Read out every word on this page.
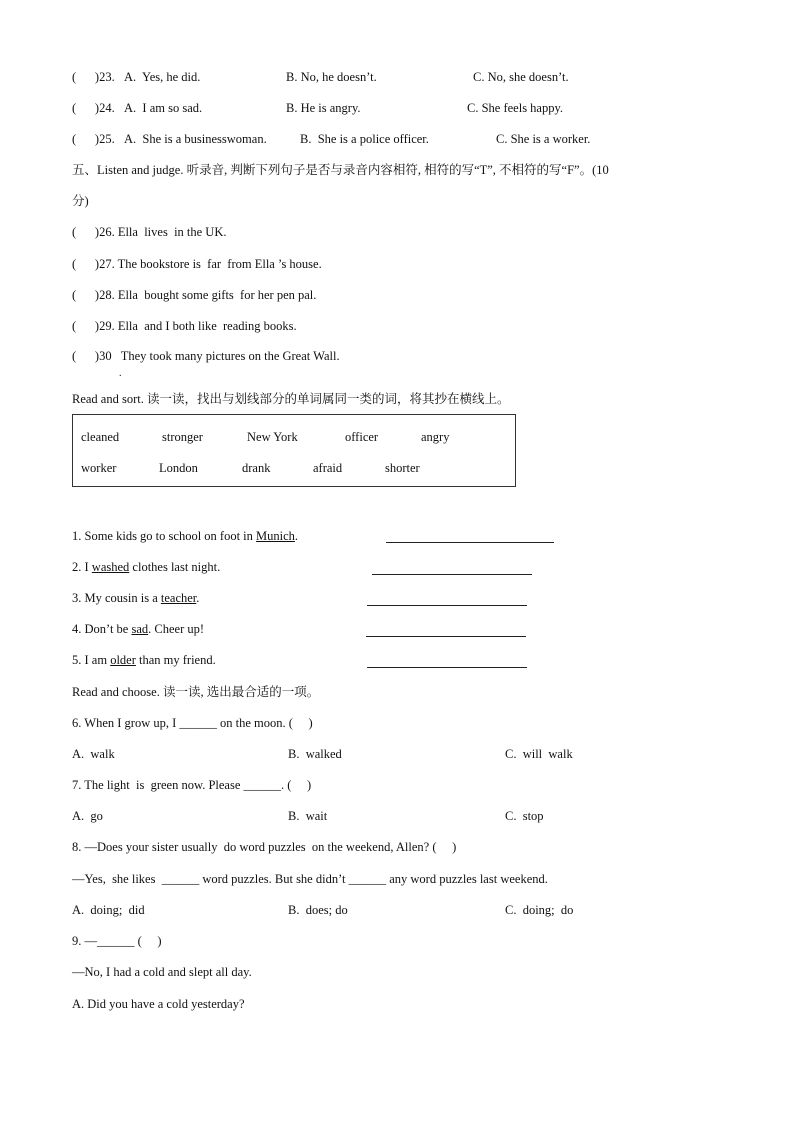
(      )23. A.  Yes, he did.	B. No, he doesn’t.	C. No, she doesn’t.
(      )24. A.  I am so sad.	B. He is angry.	C. She feels happy.
(      )25. A.  She is a businesswoman.	B.  She is a police officer.	C. She is a worker.
五、Listen and judge. 听录音, 判断下列句子是否与录音内容相符, 相符的写“T”, 不相符的写“F”。(10
分)
(      )26. Ella  lives  in the UK.
(      )27. The bookstore is  far  from Ella ’s house.
(      )28. Ella  bought some gifts  for her pen pal.
(      )29. Ella  and I both like  reading books.
(      )30   They took many pictures on the Great Wall.
.
Read and sort. 读一读，找出与划线部分的单词属同一类的词，将其抄在横线上。
cleaned	stronger	New York	officer	angry
worker	London	drank	afraid	shorter
1. Some kids go to school on foot in Munich.
2. I washed clothes last night.
3. My cousin is a teacher.
4. Don’t be sad. Cheer up!
5. I am older than my friend.
Read and choose. 读一读, 选出最合适的一项。
6. When I grow up, I ______ on the moon. (     )
A.  walk	B.  walked	C.  will  walk
7. The light  is  green now. Please ______. (     )
A.  go	B.  wait	C.  stop
8. —Does your sister usually  do word puzzles  on the weekend, Allen? (     )
—Yes,  she likes  ______ word puzzles. But she didn’t ______ any word puzzles last weekend.
A.  doing;  did	B.  does; do	C.  doing;  do
9. —______ (     )
—No, I had a cold and slept all day.
A. Did you have a cold yesterday?
